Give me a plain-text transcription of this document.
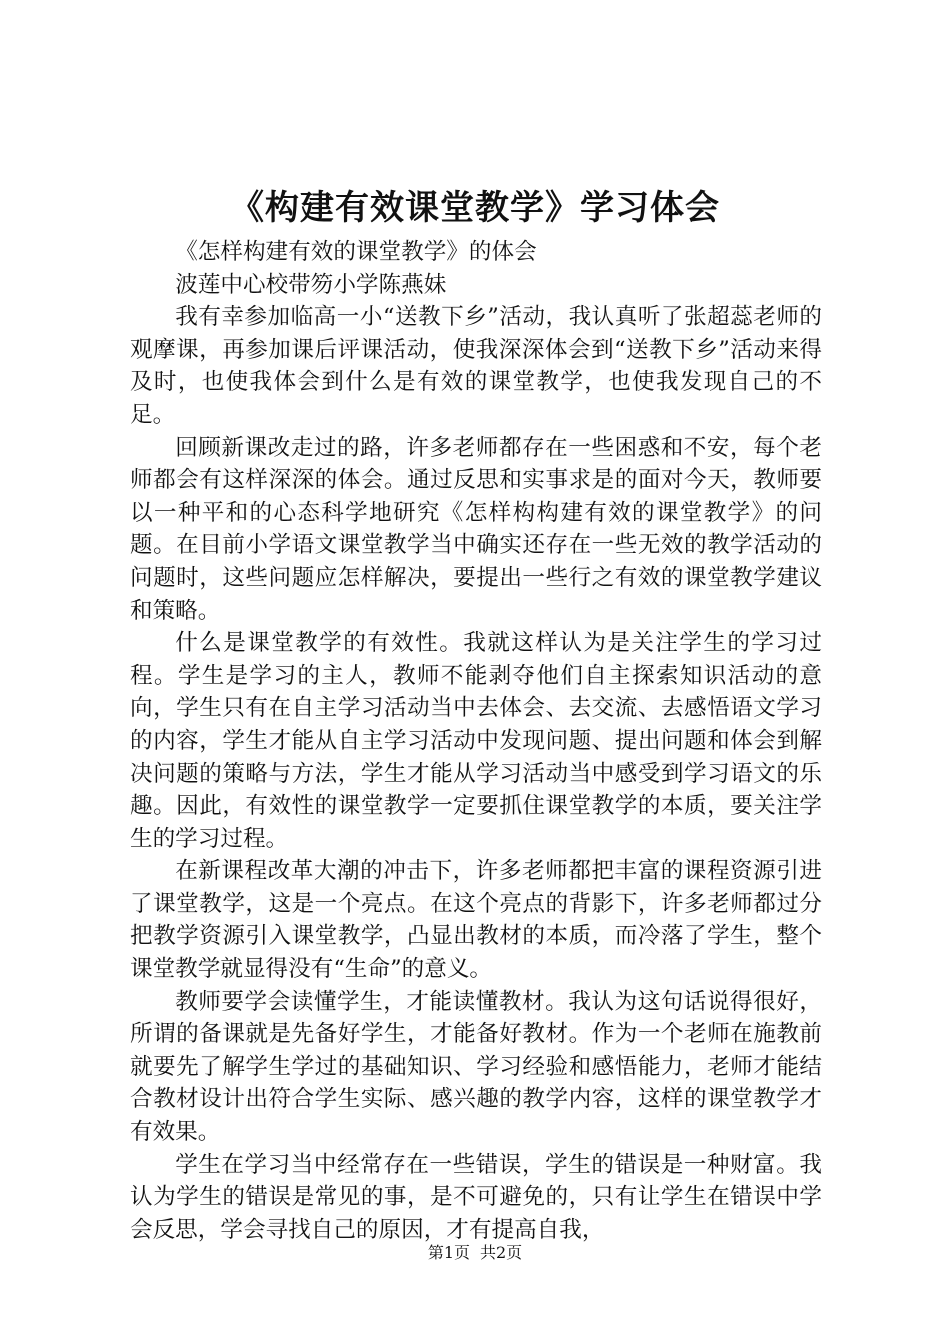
《构建有效课堂教学》学习体会

《怎样构建有效的课堂教学》的体会

波莲中心校带笏小学陈燕妹

我有幸参加临高一小“送教下乡”活动，我认真听了张超蕊老师的观摩课，再参加课后评课活动，使我深深体会到“送教下乡”活动来得及时，也使我体会到什么是有效的课堂教学，也使我发现自己的不足。

回顾新课改走过的路，许多老师都存在一些困惑和不安，每个老师都会有这样深深的体会。通过反思和实事求是的面对今天，教师要以一种平和的心态科学地研究《怎样构构建有效的课堂教学》的问题。在目前小学语文课堂教学当中确实还存在一些无效的教学活动的问题时，这些问题应怎样解决，要提出一些行之有效的课堂教学建议和策略。

什么是课堂教学的有效性。我就这样认为是关注学生的学习过程。学生是学习的主人，教师不能剥夺他们自主探索知识活动的意向，学生只有在自主学习活动当中去体会、去交流、去感悟语文学习的内容，学生才能从自主学习活动中发现问题、提出问题和体会到解决问题的策略与方法，学生才能从学习活动当中感受到学习语文的乐趣。因此，有效性的课堂教学一定要抓住课堂教学的本质，要关注学生的学习过程。

在新课程改革大潮的冲击下，许多老师都把丰富的课程资源引进了课堂教学，这是一个亮点。在这个亮点的背影下，许多老师都过分把教学资源引入课堂教学，凸显出教材的本质，而冷落了学生，整个课堂教学就显得没有“生命”的意义。

教师要学会读懂学生，才能读懂教材。我认为这句话说得很好，所谓的备课就是先备好学生，才能备好教材。作为一个老师在施教前就要先了解学生学过的基础知识、学习经验和感悟能力，老师才能结合教材设计出符合学生实际、感兴趣的教学内容，这样的课堂教学才有效果。

学生在学习当中经常存在一些错误，学生的错误是一种财富。我认为学生的错误是常见的事，是不可避免的，只有让学生在错误中学会反思，学会寻找自己的原因，才有提高自我，

第1页 共2页
